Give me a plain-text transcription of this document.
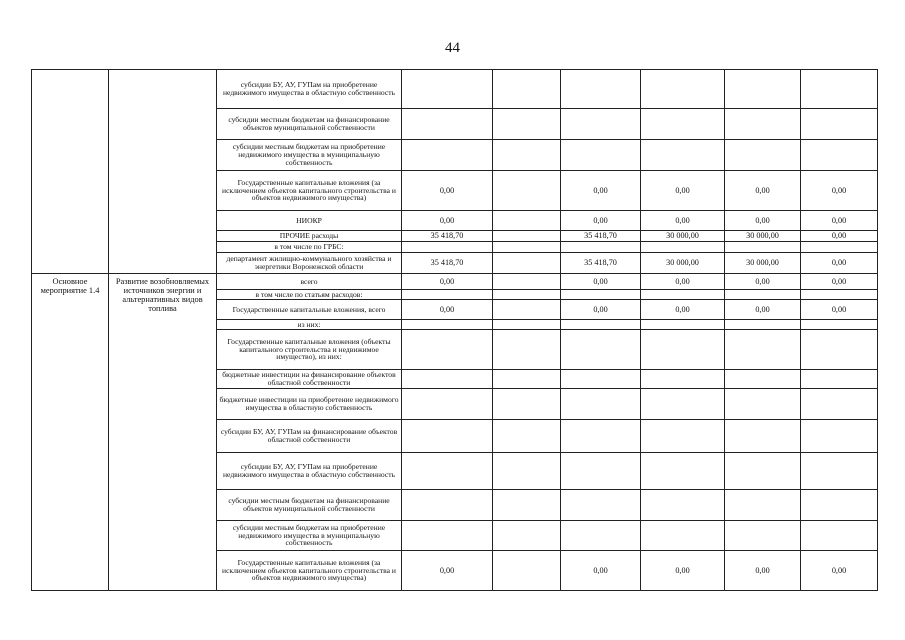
44
		субсидии БУ, АУ, ГУПам на приобретение недвижимого имущества в областную собственность						
		субсидии местным бюджетам на финансирование объектов муниципальной собственности						
		субсидии местным бюджетам на приобретение недвижимого имущества в муниципальную собственность						
		Государственные капитальные вложения (за исключением объектов капитального строительства и объектов недвижимого имущества)	0,00		0,00	0,00	0,00	0,00
		НИОКР	0,00		0,00	0,00	0,00	0,00
		ПРОЧИЕ расходы	35 418,70		35 418,70	30 000,00	30 000,00	0,00
		в том числе по ГРБС:						
		департамент жилищно-коммунального хозяйства и энергетики Воронежской области	35 418,70		35 418,70	30 000,00	30 000,00	0,00
Основное мероприятие 1.4	Развитие возобновляемых источников энергии и альтернативных видов топлива	всего	0,00		0,00	0,00	0,00	0,00
		в том числе по статьям расходов:						
		Государственные капитальные вложения, всего	0,00		0,00	0,00	0,00	0,00
		из них:						
		Государственные капитальные вложения (объекты капитального строительства и недвижимое имущество), из них:						
		бюджетные инвестиции на финансирование объектов областной собственности						
		бюджетные инвестиции на приобретение недвижимого имущества в областную собственность						
		субсидии БУ, АУ, ГУПам на финансирование объектов областной собственности						
		субсидии БУ, АУ, ГУПам на приобретение недвижимого имущества в областную собственность						
		субсидии местным бюджетам на финансирование объектов муниципальной собственности						
		субсидии местным бюджетам на приобретение недвижимого имущества в муниципальную собственность						
		Государственные капитальные вложения (за исключением объектов капитального строительства и объектов недвижимого имущества)	0,00		0,00	0,00	0,00	0,00
